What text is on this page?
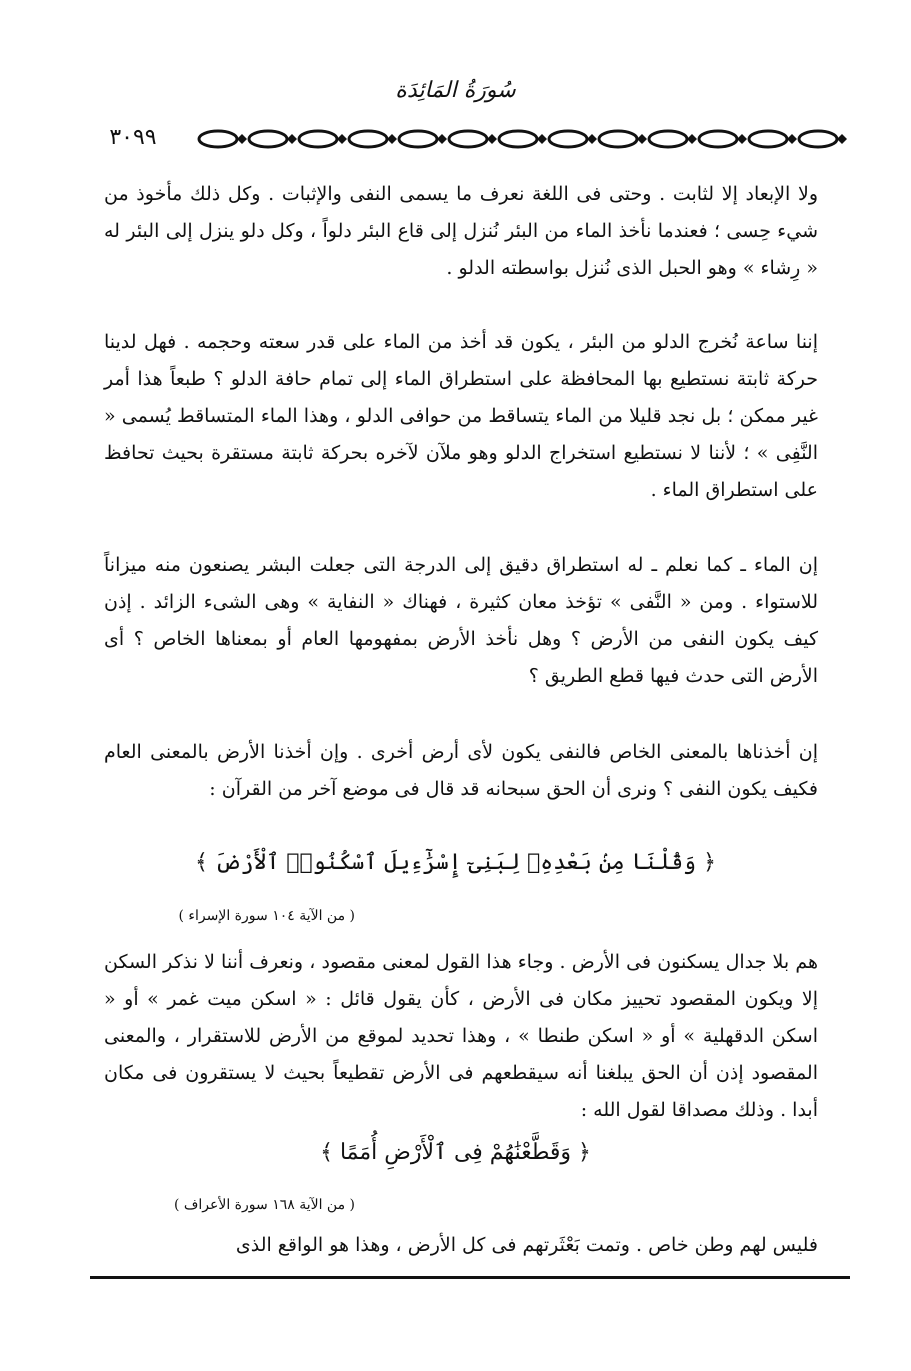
سُورَةُ المَائِدَة
٣٠٩٩

ولا الإبعاد إلا لثابت . وحتى فى اللغة نعرف ما يسمى النفى والإثبات . وكل ذلك مأخوذ من شيء حِسى ؛ فعندما نأخذ الماء من البئر نُنزل إلى قاع البئر دلواً ، وكل دلو ينزل إلى البئر له « رِشاء » وهو الحبل الذى نُنزل بواسطته الدلو .

إننا ساعة نُخرج الدلو من البئر ، يكون قد أخذ من الماء على قدر سعته وحجمه . فهل لدينا حركة ثابتة نستطيع بها المحافظة على استطراق الماء إلى تمام حافة الدلو ؟ طبعاً هذا أمر غير ممكن ؛ بل نجد قليلا من الماء يتساقط من حوافى الدلو ، وهذا الماء المتساقط يُسمى « النَّفِى » ؛ لأننا لا نستطيع استخراج الدلو وهو ملآن لآخره بحركة ثابتة مستقرة بحيث تحافظ على استطراق الماء .

إن الماء ـ كما نعلم ـ له استطراق دقيق إلى الدرجة التى جعلت البشر يصنعون منه ميزاناً للاستواء . ومن « النَّفى » تؤخذ معان كثيرة ، فهناك « النفاية » وهى الشىء الزائد . إذن كيف يكون النفى من الأرض ؟ وهل نأخذ الأرض بمفهومها العام أو بمعناها الخاص ؟ أى الأرض التى حدث فيها قطع الطريق ؟

إن أخذناها بالمعنى الخاص فالنفى يكون لأى أرض أخرى . وإن أخذنا الأرض بالمعنى العام فكيف يكون النفى ؟ ونرى أن الحق سبحانه قد قال فى موضع آخر من القرآن :

﴿ وَقُلْنَا مِنۢ بَعْدِهِۦ لِبَنِىٓ إِسْرَٰٓءِيلَ ٱسْكُنُوا۟ ٱلْأَرْضَ ﴾
( من الآية ١٠٤ سورة الإسراء )

هم بلا جدال يسكنون فى الأرض . وجاء هذا القول لمعنى مقصود ، ونعرف أننا لا نذكر السكن إلا ويكون المقصود تحييز مكان فى الأرض ، كأن يقول قائل : « اسكن ميت غمر » أو « اسكن الدقهلية » أو « اسكن طنطا » ، وهذا تحديد لموقع من الأرض للاستقرار ، والمعنى المقصود إذن أن الحق يبلغنا أنه سيقطعهم فى الأرض تقطيعاً بحيث لا يستقرون فى مكان أبدا . وذلك مصداقا لقول الله :

﴿ وَقَطَّعْنَٰهُمْ فِى ٱلْأَرْضِ أُمَمًا ﴾
( من الآية ١٦٨ سورة الأعراف )

فليس لهم وطن خاص . وتمت بَعْثَرتهم فى كل الأرض ، وهذا هو الواقع الذى
